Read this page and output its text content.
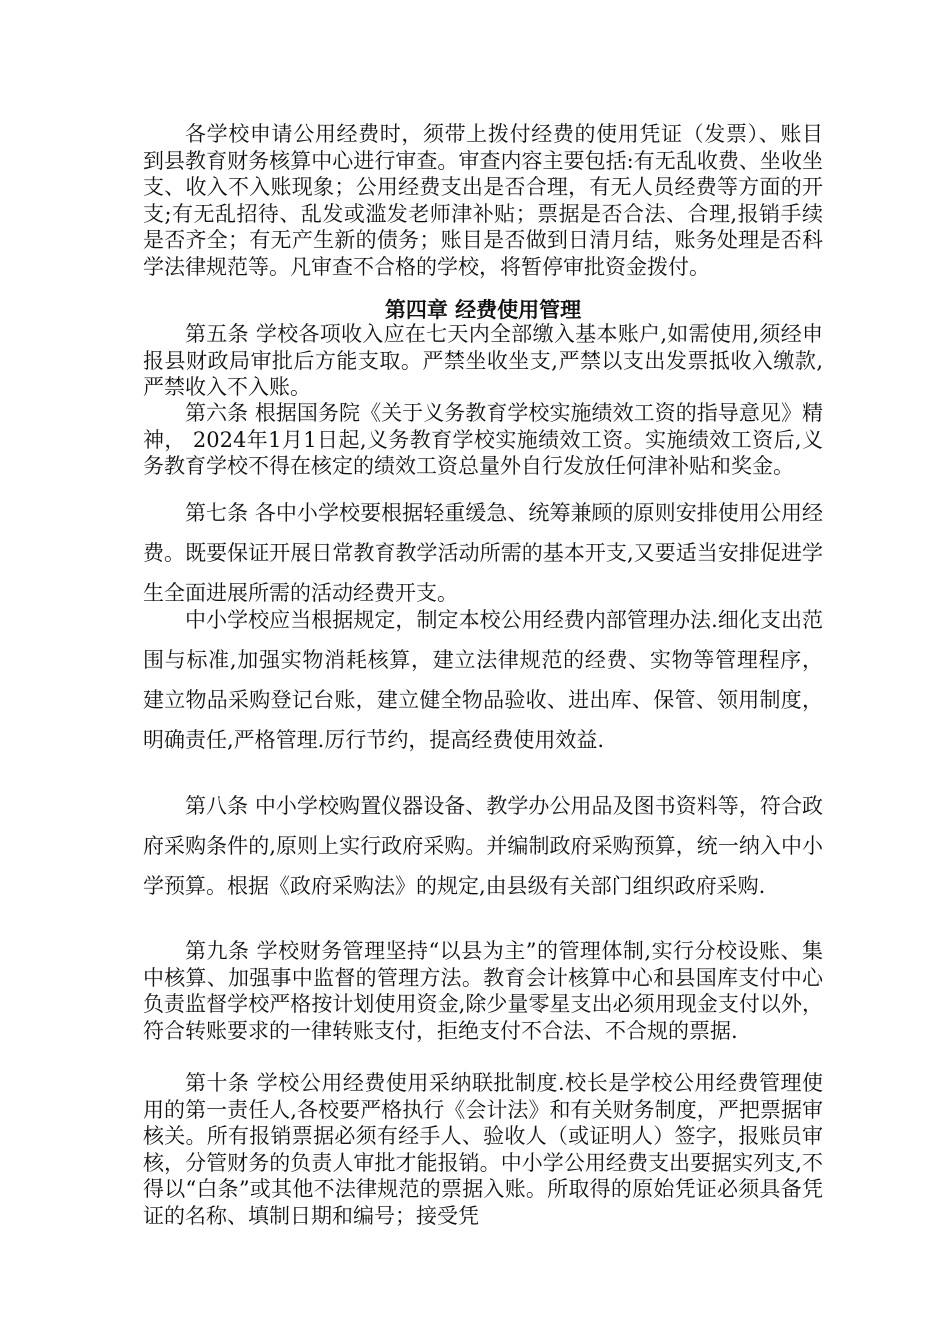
各学校申请公用经费时，须带上拨付经费的使用凭证（发票）、账目到县教育财务核算中心进行审查。审查内容主要包括:有无乱收费、坐收坐支、收入不入账现象；公用经费支出是否合理，有无人员经费等方面的开支;有无乱招待、乱发或滥发老师津补贴；票据是否合法、合理,报销手续是否齐全；有无产生新的债务；账目是否做到日清月结，账务处理是否科学法律规范等。凡审查不合格的学校，将暂停审批资金拨付。

第四章 经费使用管理

第五条 学校各项收入应在七天内全部缴入基本账户,如需使用,须经申报县财政局审批后方能支取。严禁坐收坐支,严禁以支出发票抵收入缴款,严禁收入不入账。

第六条 根据国务院《关于义务教育学校实施绩效工资的指导意见》精神， 2024年1月1日起,义务教育学校实施绩效工资。实施绩效工资后,义务教育学校不得在核定的绩效工资总量外自行发放任何津补贴和奖金。

第七条 各中小学校要根据轻重缓急、统筹兼顾的原则安排使用公用经费。既要保证开展日常教育教学活动所需的基本开支,又要适当安排促进学生全面进展所需的活动经费开支。

中小学校应当根据规定，制定本校公用经费内部管理办法.细化支出范围与标准,加强实物消耗核算，建立法律规范的经费、实物等管理程序， 建立物品采购登记台账，建立健全物品验收、进出库、保管、领用制度，明确责任,严格管理.厉行节约，提高经费使用效益.

第八条 中小学校购置仪器设备、教学办公用品及图书资料等，符合政府采购条件的,原则上实行政府采购。并编制政府采购预算，统一纳入中小学预算。根据《政府采购法》的规定,由县级有关部门组织政府采购.

第九条 学校财务管理坚持“以县为主”的管理体制,实行分校设账、集中核算、加强事中监督的管理方法。教育会计核算中心和县国库支付中心负责监督学校严格按计划使用资金,除少量零星支出必须用现金支付以外，符合转账要求的一律转账支付，拒绝支付不合法、不合规的票据.

第十条 学校公用经费使用采纳联批制度.校长是学校公用经费管理使用的第一责任人,各校要严格执行《会计法》和有关财务制度，严把票据审核关。所有报销票据必须有经手人、验收人（或证明人）签字，报账员审核，分管财务的负责人审批才能报销。中小学公用经费支出要据实列支,不得以“白条”或其他不法律规范的票据入账。所取得的原始凭证必须具备凭证的名称、填制日期和编号；接受凭
